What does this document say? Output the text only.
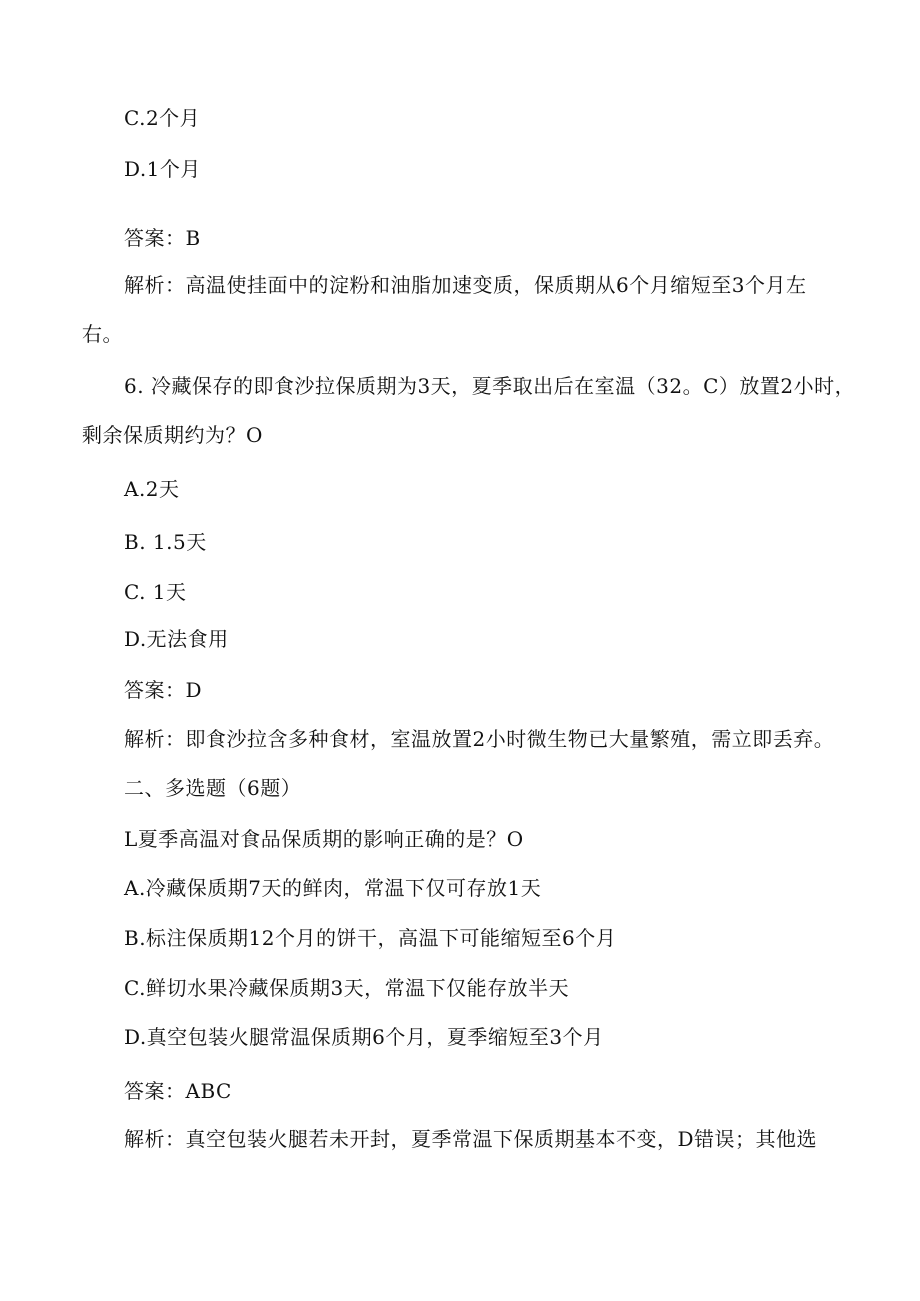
C.2个月
D.1个月
答案：B
解析：高温使挂面中的淀粉和油脂加速变质，保质期从6个月缩短至3个月左
右。
6. 冷藏保存的即食沙拉保质期为3天，夏季取出后在室温（32。C）放置2小时，
剩余保质期约为？O
A.2天
B. 1.5天
C. 1天
D.无法食用
答案：D
解析：即食沙拉含多种食材，室温放置2小时微生物已大量繁殖，需立即丢弃。
二、多选题（6题）
L夏季高温对食品保质期的影响正确的是？O
A.冷藏保质期7天的鲜肉，常温下仅可存放1天
B.标注保质期12个月的饼干，高温下可能缩短至6个月
C.鲜切水果冷藏保质期3天，常温下仅能存放半天
D.真空包装火腿常温保质期6个月，夏季缩短至3个月
答案：ABC
解析：真空包装火腿若未开封，夏季常温下保质期基本不变，D错误；其他选
